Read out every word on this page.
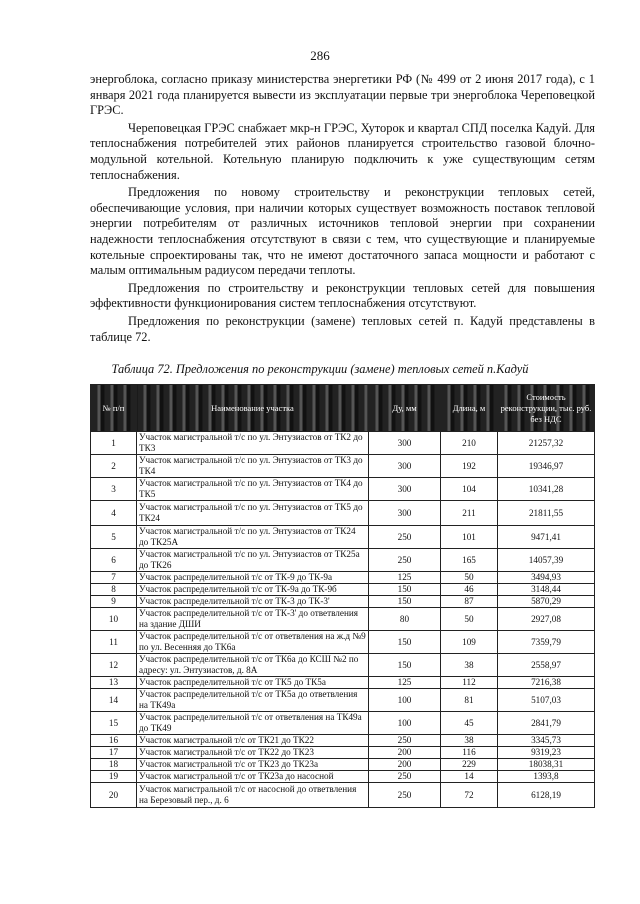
286

энергоблока, согласно приказу министерства энергетики РФ (№ 499 от 2 июня 2017 года), с 1 января 2021 года планируется вывести из эксплуатации первые три энергоблока Череповецкой ГРЭС.

Череповецкая ГРЭС снабжает мкр-н ГРЭС, Хуторок и квартал СПД поселка Кадуй. Для теплоснабжения потребителей этих районов планируется строительство газовой блочно-модульной котельной. Котельную планирую подключить к уже существующим сетям теплоснабжения.

Предложения по новому строительству и реконструкции тепловых сетей, обеспечивающие условия, при наличии которых существует возможность поставок тепловой энергии потребителям от различных источников тепловой энергии при сохранении надежности теплоснабжения отсутствуют в связи с тем, что существующие и планируемые котельные спроектированы так, что не имеют достаточного запаса мощности и работают с малым оптимальным радиусом передачи теплоты.

Предложения по строительству и реконструкции тепловых сетей для повышения эффективности функционирования систем теплоснабжения отсутствуют.

Предложения по реконструкции (замене) тепловых сетей п. Кадуй представлены в таблице 72.

Таблица 72. Предложения по реконструкции (замене) тепловых сетей п.Кадуй
№ п/п	Наименование участка	Ду, мм	Длина, м	Стоимость реконструкции, тыс. руб. без НДС
1	Участок магистральной т/с по ул. Энтузиастов от ТК2 до ТК3	300	210	21257,32
2	Участок магистральной т/с по ул. Энтузиастов от ТК3 до ТК4	300	192	19346,97
3	Участок магистральной т/с по ул. Энтузиастов от ТК4 до ТК5	300	104	10341,28
4	Участок магистральной т/с по ул. Энтузиастов от ТК5 до ТК24	300	211	21811,55
5	Участок магистральной т/с по ул. Энтузиастов от ТК24 до ТК25А	250	101	9471,41
6	Участок магистральной т/с по ул. Энтузиастов от ТК25а до ТК26	250	165	14057,39
7	Участок распределительной т/с от ТК-9 до ТК-9а	125	50	3494,93
8	Участок распределительной т/с от ТК-9а до ТК-9б	150	46	3148,44
9	Участок распределительной т/с от ТК-3 до ТК-3'	150	87	5870,29
10	Участок распределительной т/с от ТК-3' до ответвления на здание ДШИ	80	50	2927,08
11	Участок распределительной т/с от ответвления на ж.д №9 по ул. Весенняя до ТК6а	150	109	7359,79
12	Участок распределительной т/с от ТК6а до КСШ №2 по адресу: ул. Энтузиастов, д. 8А	150	38	2558,97
13	Участок распределительной т/с от ТК5 до ТК5а	125	112	7216,38
14	Участок распределительной т/с от ТК5а до ответвления на ТК49а	100	81	5107,03
15	Участок распределительной т/с от ответвления на ТК49а до ТК49	100	45	2841,79
16	Участок магистральной т/с от ТК21 до ТК22	250	38	3345,73
17	Участок магистральной т/с от ТК22 до ТК23	200	116	9319,23
18	Участок магистральной т/с от ТК23 до ТК23а	200	229	18038,31
19	Участок магистральной т/с от ТК23а до насосной	250	14	1393,8
20	Участок магистральной т/с от насосной до ответвления на Березовый пер., д. 6	250	72	6128,19
